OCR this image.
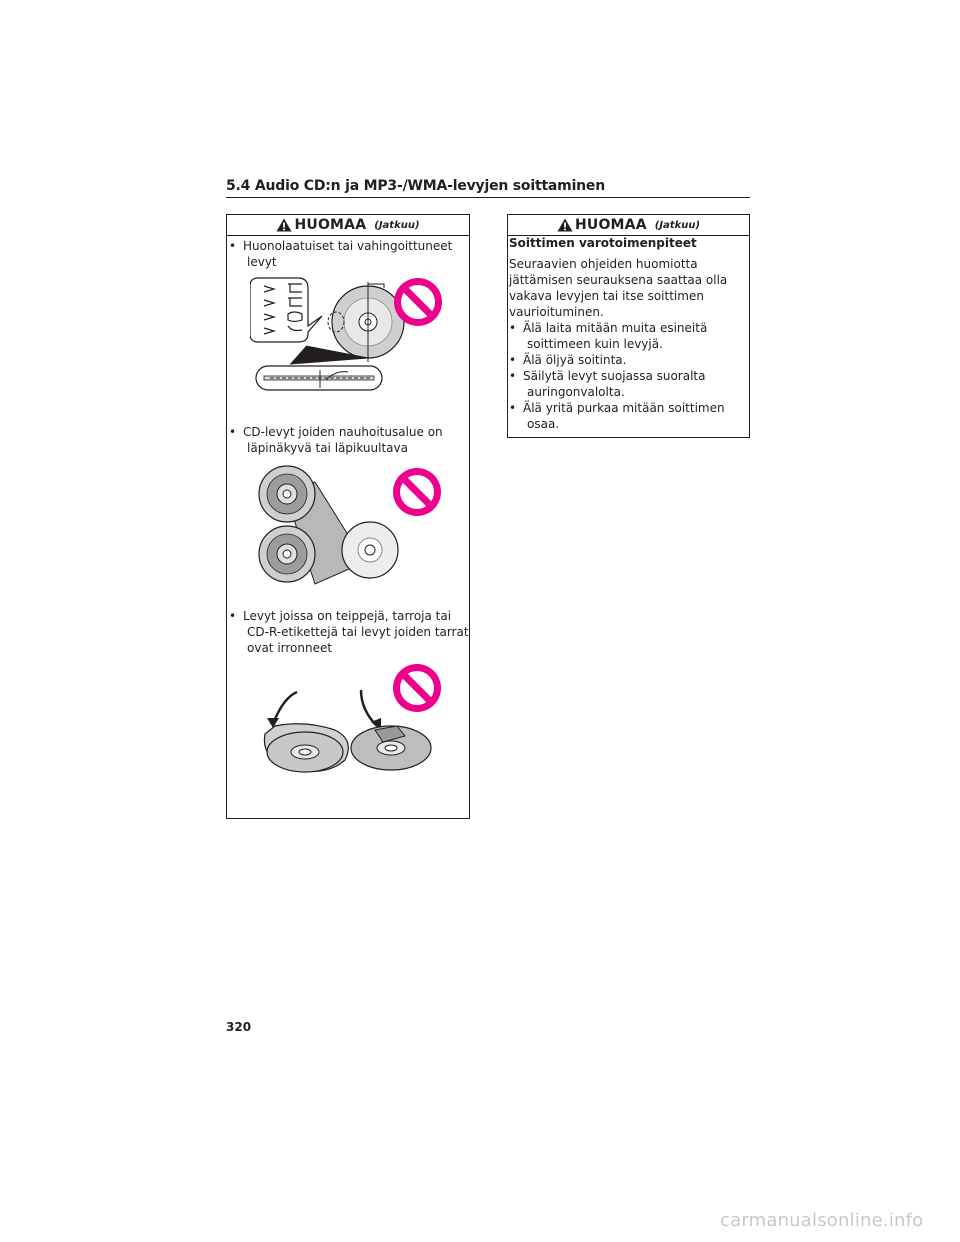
5.4 Audio CD:n ja MP3-/WMA-levyjen soittaminen
HUOMAA (Jatkuu)
• Huonolaatuiset tai vahingoittuneet
levyt
• CD-levyt joiden nauhoitusalue on
läpinäkyvä tai läpikuultava
• Levyt joissa on teippejä, tarroja tai
CD-R-etikettejä tai levyt joiden tarrat
ovat irronneet
HUOMAA (Jatkuu)
Soittimen varotoimenpiteet
Seuraavien ohjeiden huomiotta
jättämisen seurauksena saattaa olla
vakava levyjen tai itse soittimen
vaurioituminen.
• Älä laita mitään muita esineitä
soittimeen kuin levyjä.
• Älä öljyä soitinta.
• Säilytä levyt suojassa suoralta
auringonvalolta.
• Älä yritä purkaa mitään soittimen
osaa.
320
carmanualsonline.info
